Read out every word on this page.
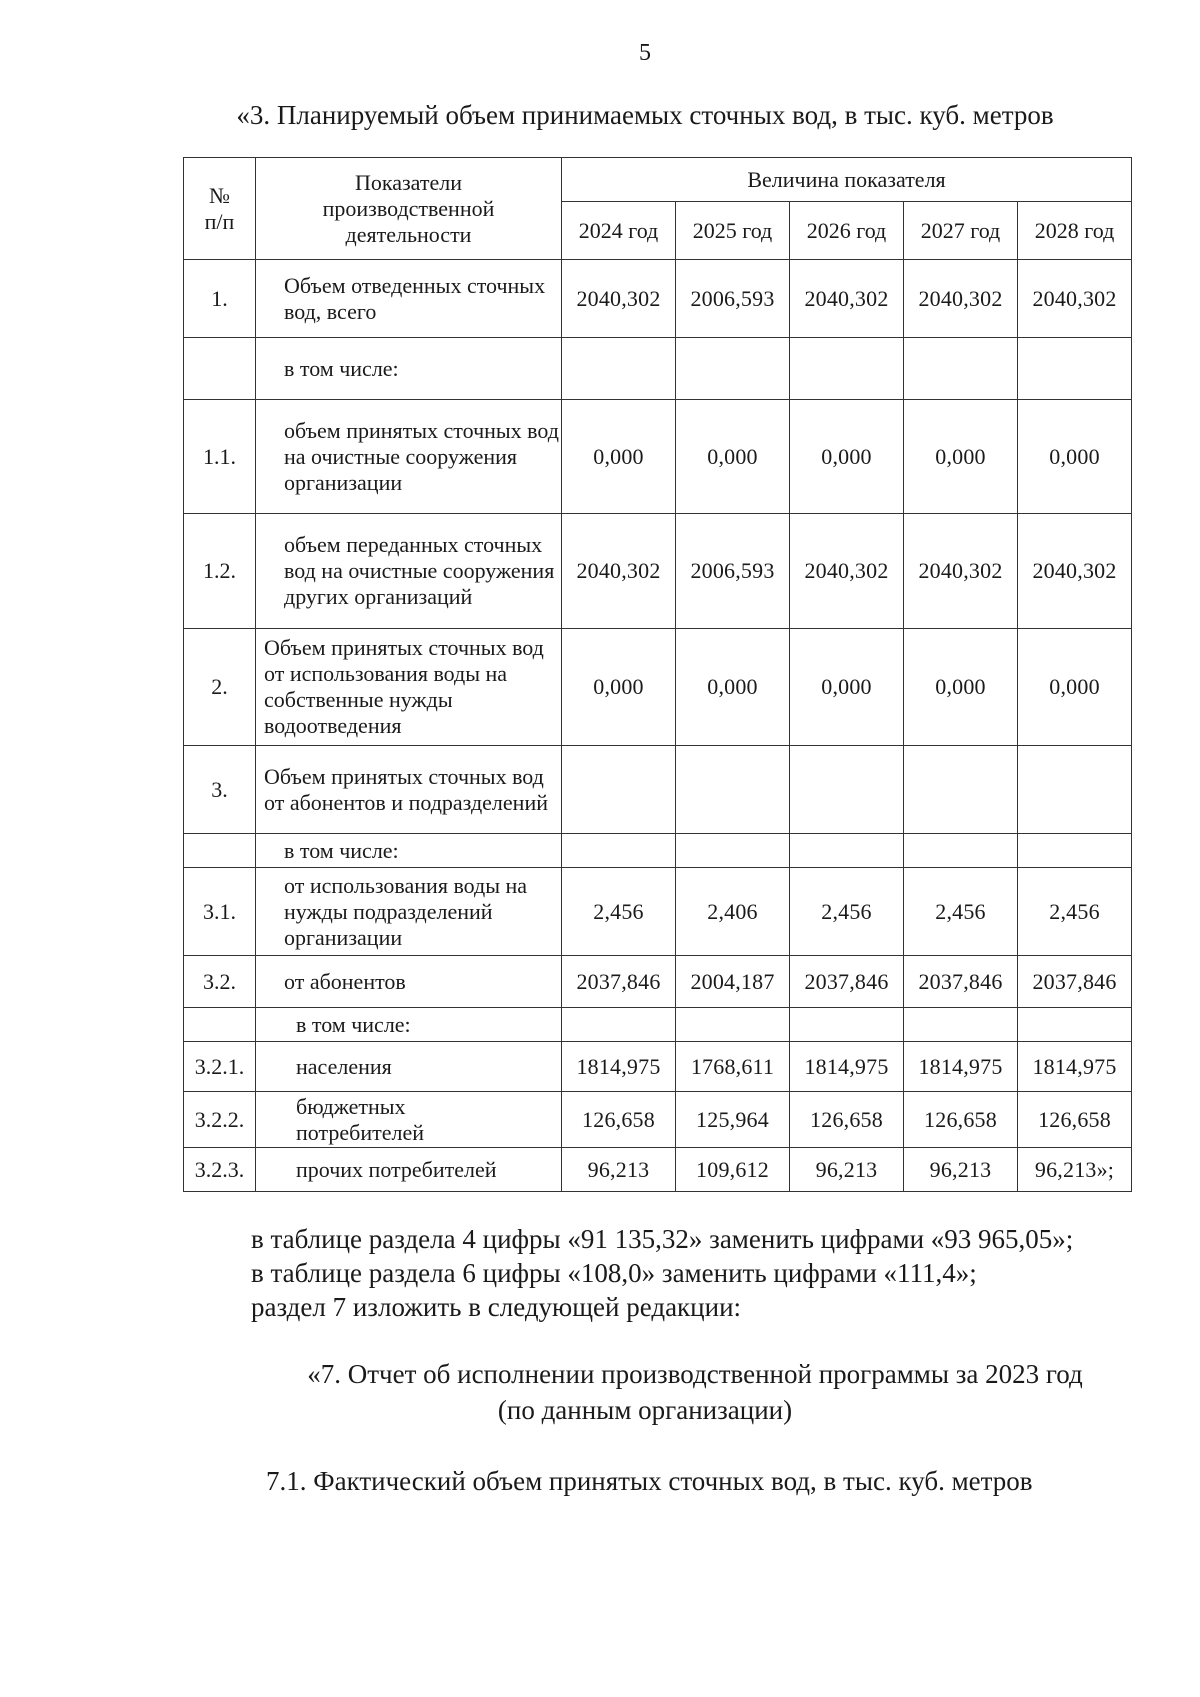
5
«3. Планируемый объем принимаемых сточных вод, в тыс. куб. метров
№ п/п	Показатели производственной деятельности	Величина показателя				
		2024 год	2025 год	2026 год	2027 год	2028 год
1.	Объем отведенных сточных вод, всего	2040,302	2006,593	2040,302	2040,302	2040,302
	в том числе:					
1.1.	объем принятых сточных вод на очистные сооружения организации	0,000	0,000	0,000	0,000	0,000
1.2.	объем переданных сточных вод на очистные сооружения других организаций	2040,302	2006,593	2040,302	2040,302	2040,302
2.	Объем принятых сточных вод от использования воды на собственные нужды водоотведения	0,000	0,000	0,000	0,000	0,000
3.	Объем принятых сточных вод от абонентов и подразделений					
	в том числе:					
3.1.	от использования воды на нужды подразделений организации	2,456	2,406	2,456	2,456	2,456
3.2.	от абонентов	2037,846	2004,187	2037,846	2037,846	2037,846
	в том числе:					
3.2.1.	населения	1814,975	1768,611	1814,975	1814,975	1814,975
3.2.2.	бюджетных потребителей	126,658	125,964	126,658	126,658	126,658
3.2.3.	прочих потребителей	96,213	109,612	96,213	96,213	96,213»;

в таблице раздела 4 цифры «91 135,32» заменить цифрами «93 965,05»;

в таблице раздела 6 цифры «108,0» заменить цифрами «111,4»;

раздел 7 изложить в следующей редакции:

«7. Отчет об исполнении производственной программы за 2023 год

(по данным организации)

7.1. Фактический объем принятых сточных вод, в тыс. куб. метров
